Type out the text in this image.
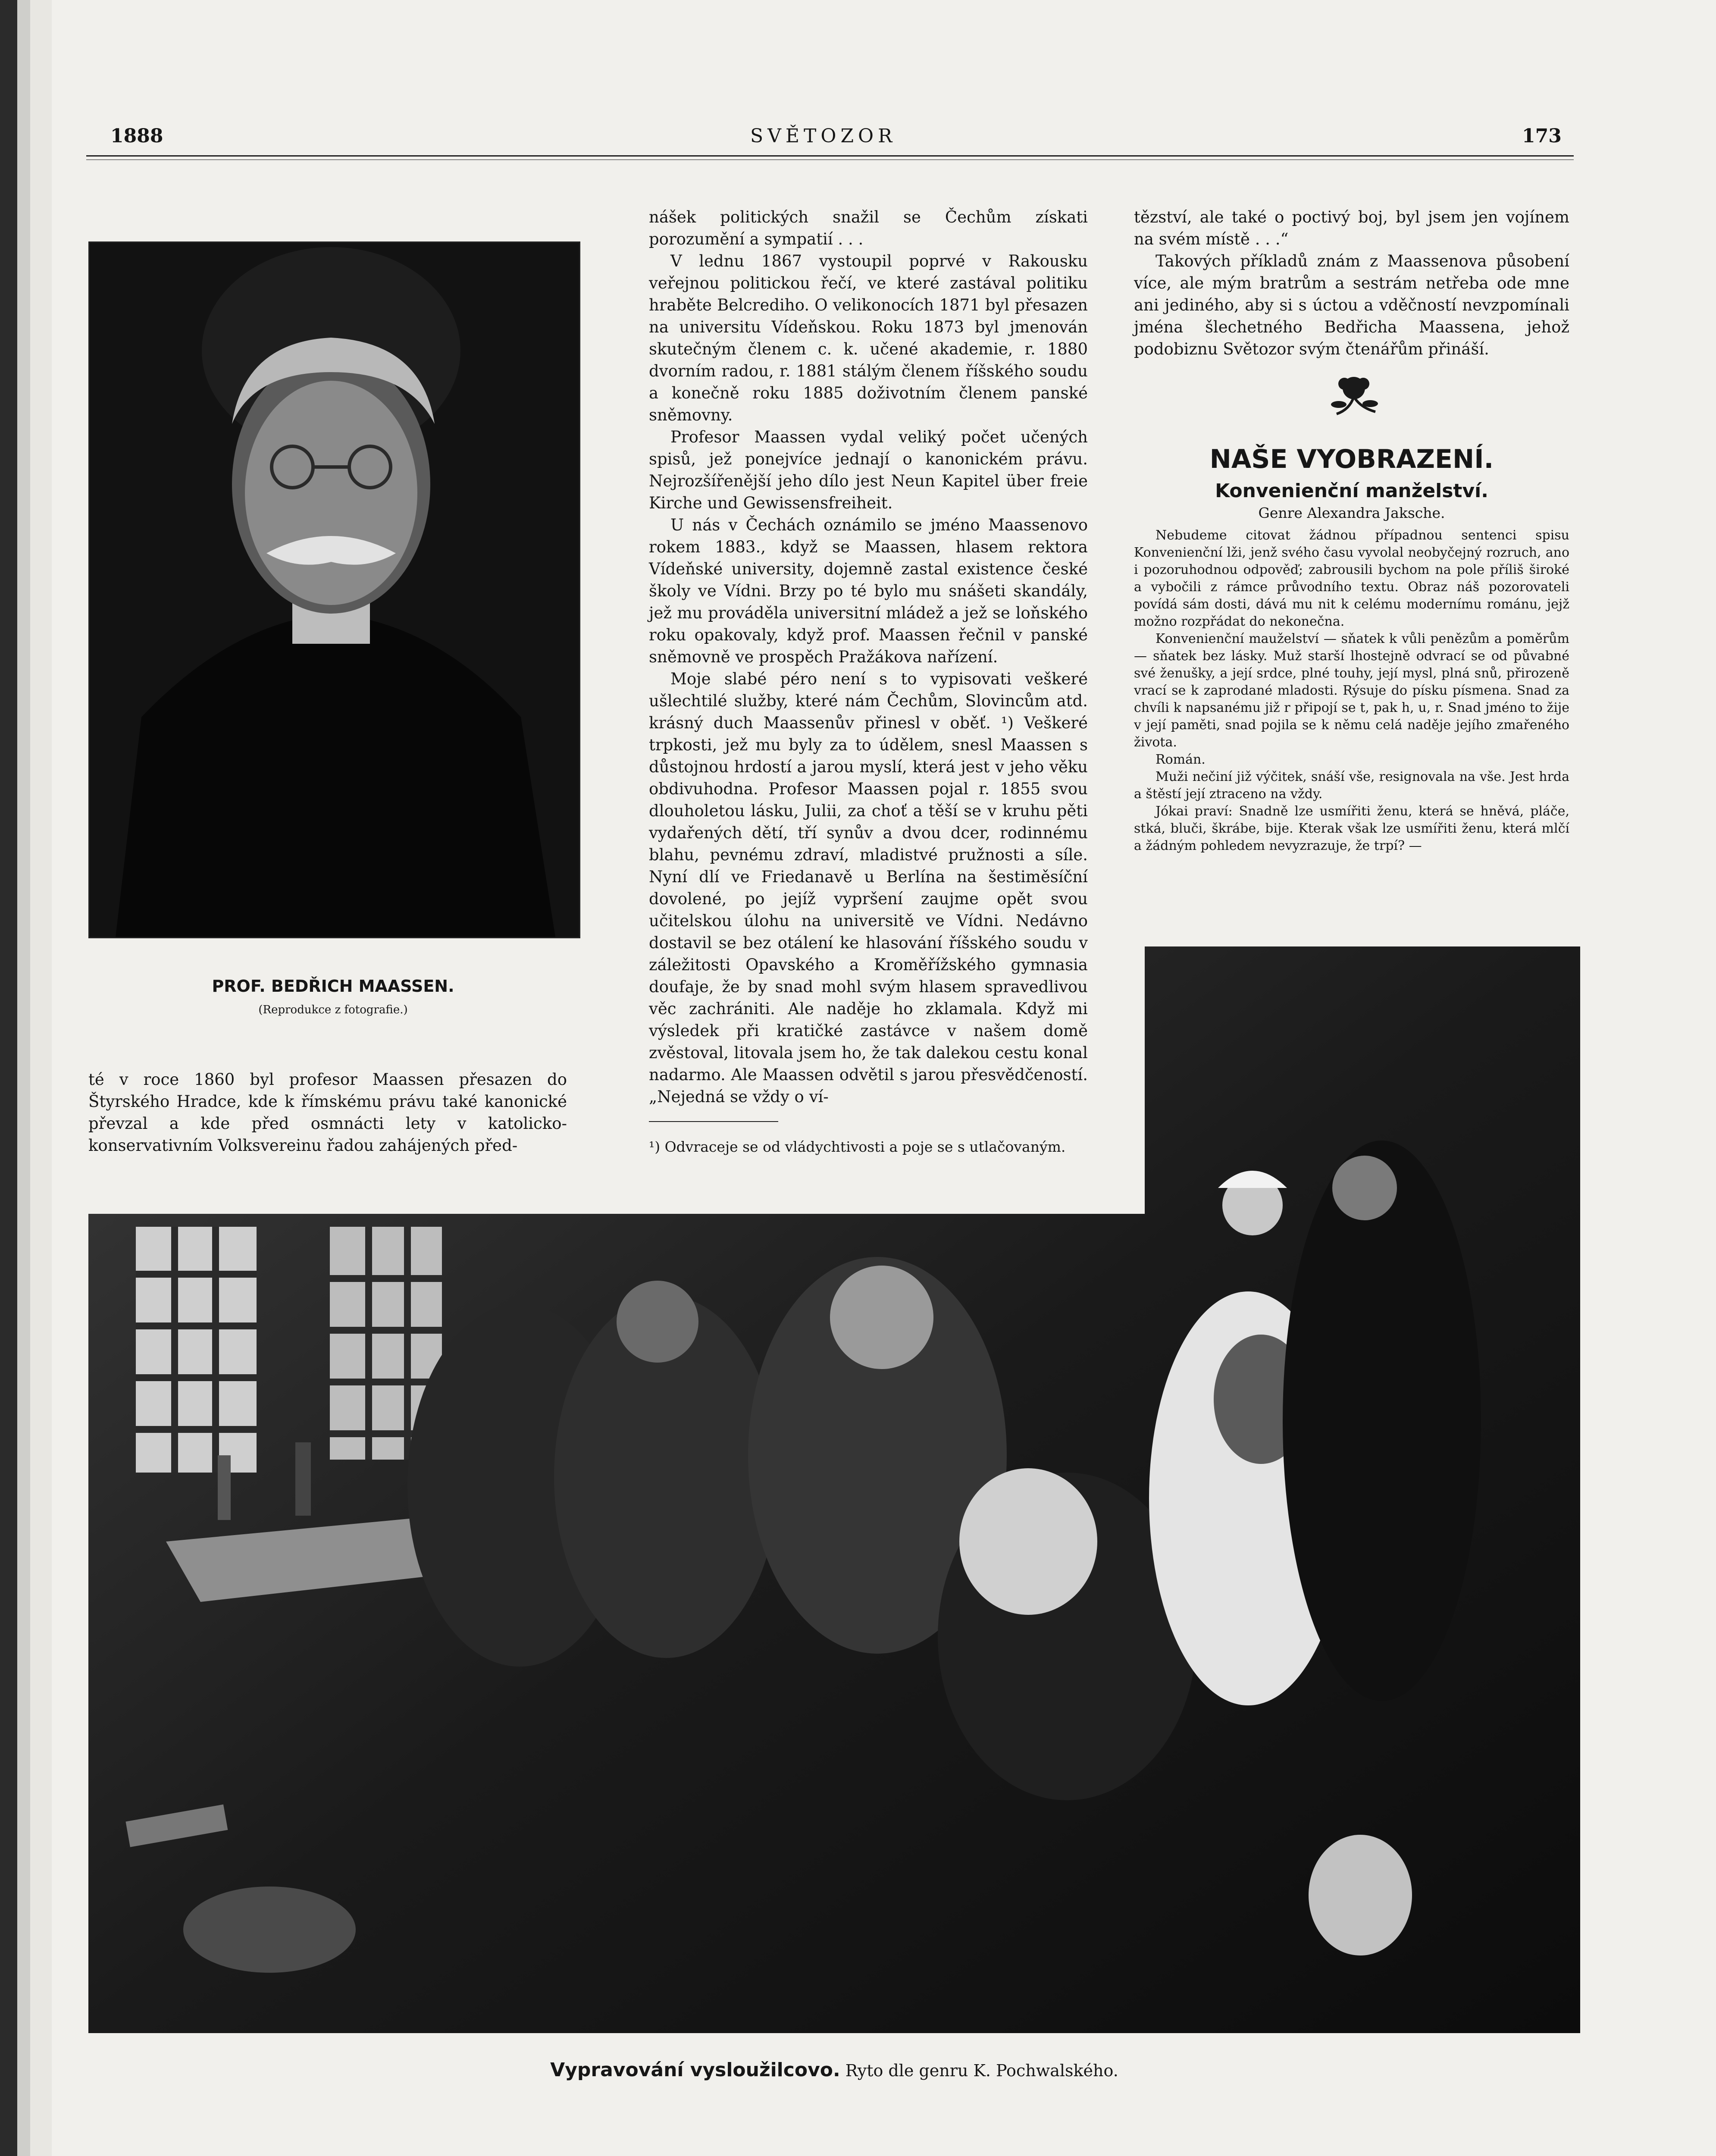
1888	SVĚTOZOR	173
PROF. BEDŘICH MAASSEN.
(Reprodukce z fotografie.)

té v roce 1860 byl profesor Maassen přesazen do Štyrského Hradce, kde k římskému právu také kanonické převzal a kde před osmnácti lety v katolicko-konservativním Volksvereinu řadou zahájených před-

nášek politických snažil se Čechům získati porozumění a sympatií . . .

V lednu 1867 vystoupil poprvé v Rakousku veřejnou politickou řečí, ve které zastával politiku hraběte Belcrediho. O velikonocích 1871 byl přesazen na universitu Vídeňskou. Roku 1873 byl jmenován skutečným členem c. k. učené akademie, r. 1880 dvorním radou, r. 1881 stálým členem říšského soudu a konečně roku 1885 doživotním členem panské sněmovny.

Profesor Maassen vydal veliký počet učených spisů, jež ponejvíce jednají o kanonickém právu. Nejrozšířenější jeho dílo jest Neun Kapitel über freie Kirche und Gewissensfreiheit.

U nás v Čechách oznámilo se jméno Maassenovo rokem 1883., když se Maassen, hlasem rektora Vídeňské university, dojemně zastal existence české školy ve Vídni. Brzy po té bylo mu snášeti skandály, jež mu prováděla universitní mládež a jež se loňského roku opakovaly, když prof. Maassen řečnil v panské sněmovně ve prospěch Pražákova nařízení.

Moje slabé péro není s to vypisovati veškeré ušlechtilé služby, které nám Čechům, Slovincům atd. krásný duch Maassenův přinesl v oběť. ¹) Veškeré trpkosti, jež mu byly za to údělem, snesl Maassen s důstojnou hrdostí a jarou myslí, která jest v jeho věku obdivuhodna. Profesor Maassen pojal r. 1855 svou dlouholetou lásku, Julii, za choť a těší se v kruhu pěti vydařených dětí, tří synův a dvou dcer, rodinnému blahu, pevnému zdraví, mladistvé pružnosti a síle. Nyní dlí ve Friedanavě u Berlína na šestiměsíční dovolené, po jejíž vypršení zaujme opět svou učitelskou úlohu na universitě ve Vídni. Nedávno dostavil se bez otálení ke hlasování říšského soudu v záležitosti Opavského a Kroměřížského gymnasia doufaje, že by snad mohl svým hlasem spravedlivou věc zachrániti. Ale naděje ho zklamala. Když mi výsledek při kratičké zastávce v našem domě zvěstoval, litovala jsem ho, že tak dalekou cestu konal nadarmo. Ale Maassen odvětil s jarou přesvědčeností. „Nejedná se vždy o ví-

¹) Odvraceje se od vládychtivosti a poje se s utlačovaným.

tězství, ale také o poctivý boj, byl jsem jen vojínem na svém místě . . .“

Takových příkladů znám z Maassenova působení více, ale mým bratrům a sestrám netřeba ode mne ani jediného, aby si s úctou a vděčností nevzpomínali jména šlechetného Bedřicha Maassena, jehož podobiznu Světozor svým čtenářům přináší.

NAŠE VYOBRAZENÍ.
Konvenienční manželství.
Genre Alexandra Jaksche.

Nebudeme citovat žádnou případnou sentenci spisu Konvenienční lži, jenž svého času vyvolal neobyčejný rozruch, ano i pozoruhodnou odpověď; zabrousili bychom na pole příliš široké a vybočili z rámce průvodního textu. Obraz náš pozorovateli povídá sám dosti, dává mu nit k celému modernímu románu, jejž možno rozpřádat do nekonečna.

Konvenienční mauželství — sňatek k vůli penězům a poměrům — sňatek bez lásky. Muž starší lhostejně odvrací se od půvabné své ženušky, a její srdce, plné touhy, její mysl, plná snů, přirozeně vrací se k zaprodané mladosti. Rýsuje do písku písmena. Snad za chvíli k napsanému již r připojí se t, pak h, u, r. Snad jméno to žije v její paměti, snad pojila se k němu celá naděje jejího zmařeného života.

Román.

Muži nečiní již výčitek, snáší vše, resignovala na vše. Jest hrda a štěstí její ztraceno na vždy.

Jókai praví: Snadně lze usmířiti ženu, která se hněvá, pláče, stká, bluči, škrábe, bije. Kterak však lze usmířiti ženu, která mlčí a žádným pohledem nevyzrazuje, že trpí? —

Vypravování vysloužilcovo. Ryto dle genru K. Pochwalského.
